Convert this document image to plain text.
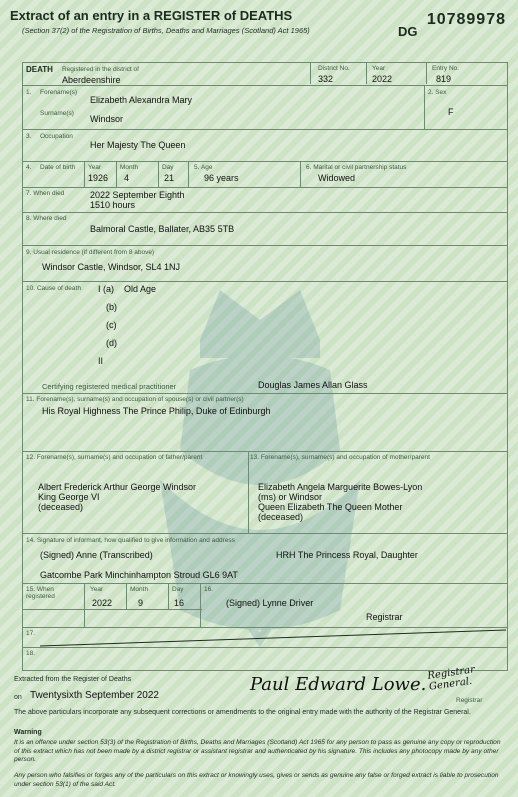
Extract of an entry in a REGISTER of DEATHS
(Section 37(2) of the Registration of Births, Deaths and Marriages (Scotland) Act 1965)
10789978
DG
DEATH Registered in the district of
Aberdeenshire
District No.
332
Year
2022
Entry No.
819
1. Forename(s)
Elizabeth Alexandra Mary
Surname(s)
Windsor
2. Sex
F
3. Occupation
Her Majesty The Queen
4. Date of birth	Year
1926
Month
4
Day
21
5. Age
96 years
6. Marital or civil partnership status
Widowed
7. When died	2022 September Eighth
1510 hours
8. Where died
Balmoral Castle, Ballater, AB35 5TB
9. Usual residence (if different from 8 above)
Windsor Castle, Windsor, SL4 1NJ
10. Cause of death I (a) Old Age
(b)
(c)
(d)
II
Certifying registered medical practitioner	Douglas James Allan Glass
11. Forename(s), surname(s) and occupation of spouse(s) or civil partner(s)
His Royal Highness The Prince Philip, Duke of Edinburgh
12. Forename(s), surname(s) and occupation of father/parent	13. Forename(s), surname(s) and occupation of mother/parent
Albert Frederick Arthur George Windsor
King George VI
(deceased)
Elizabeth Angela Marguerite Bowes-Lyon
(ms) or Windsor
Queen Elizabeth The Queen Mother
(deceased)
14. Signature of informant, how qualified to give information and address
(Signed) Anne (Transcribed)	HRH The Princess Royal, Daughter
Gatcombe Park Minchinhampton Stroud GL6 9AT
15. When registered
Year
2022
Month
9
Day
16
16.
(Signed) Lynne Driver
Registrar
17.
18.
Extracted from the Register of Deaths
on Twentysixth September 2022
Paul Edward Lowe.
Registrar General.
Registrar
The above particulars incorporate any subsequent corrections or amendments to the original entry made with the authority of the Registrar General.
Warning
It is an offence under section 53(3) of the Registration of Births, Deaths and Marriages (Scotland) Act 1965 for any person to pass as genuine any copy or reproduction of this extract which has not been made by a district registrar or assistant registrar and authenticated by his signature. This includes any photocopy made by any other person.
Any person who falsifies or forges any of the particulars on this extract or knowingly uses, gives or sends as genuine any false or forged extract is liable to prosecution under section 53(1) of the said Act.
